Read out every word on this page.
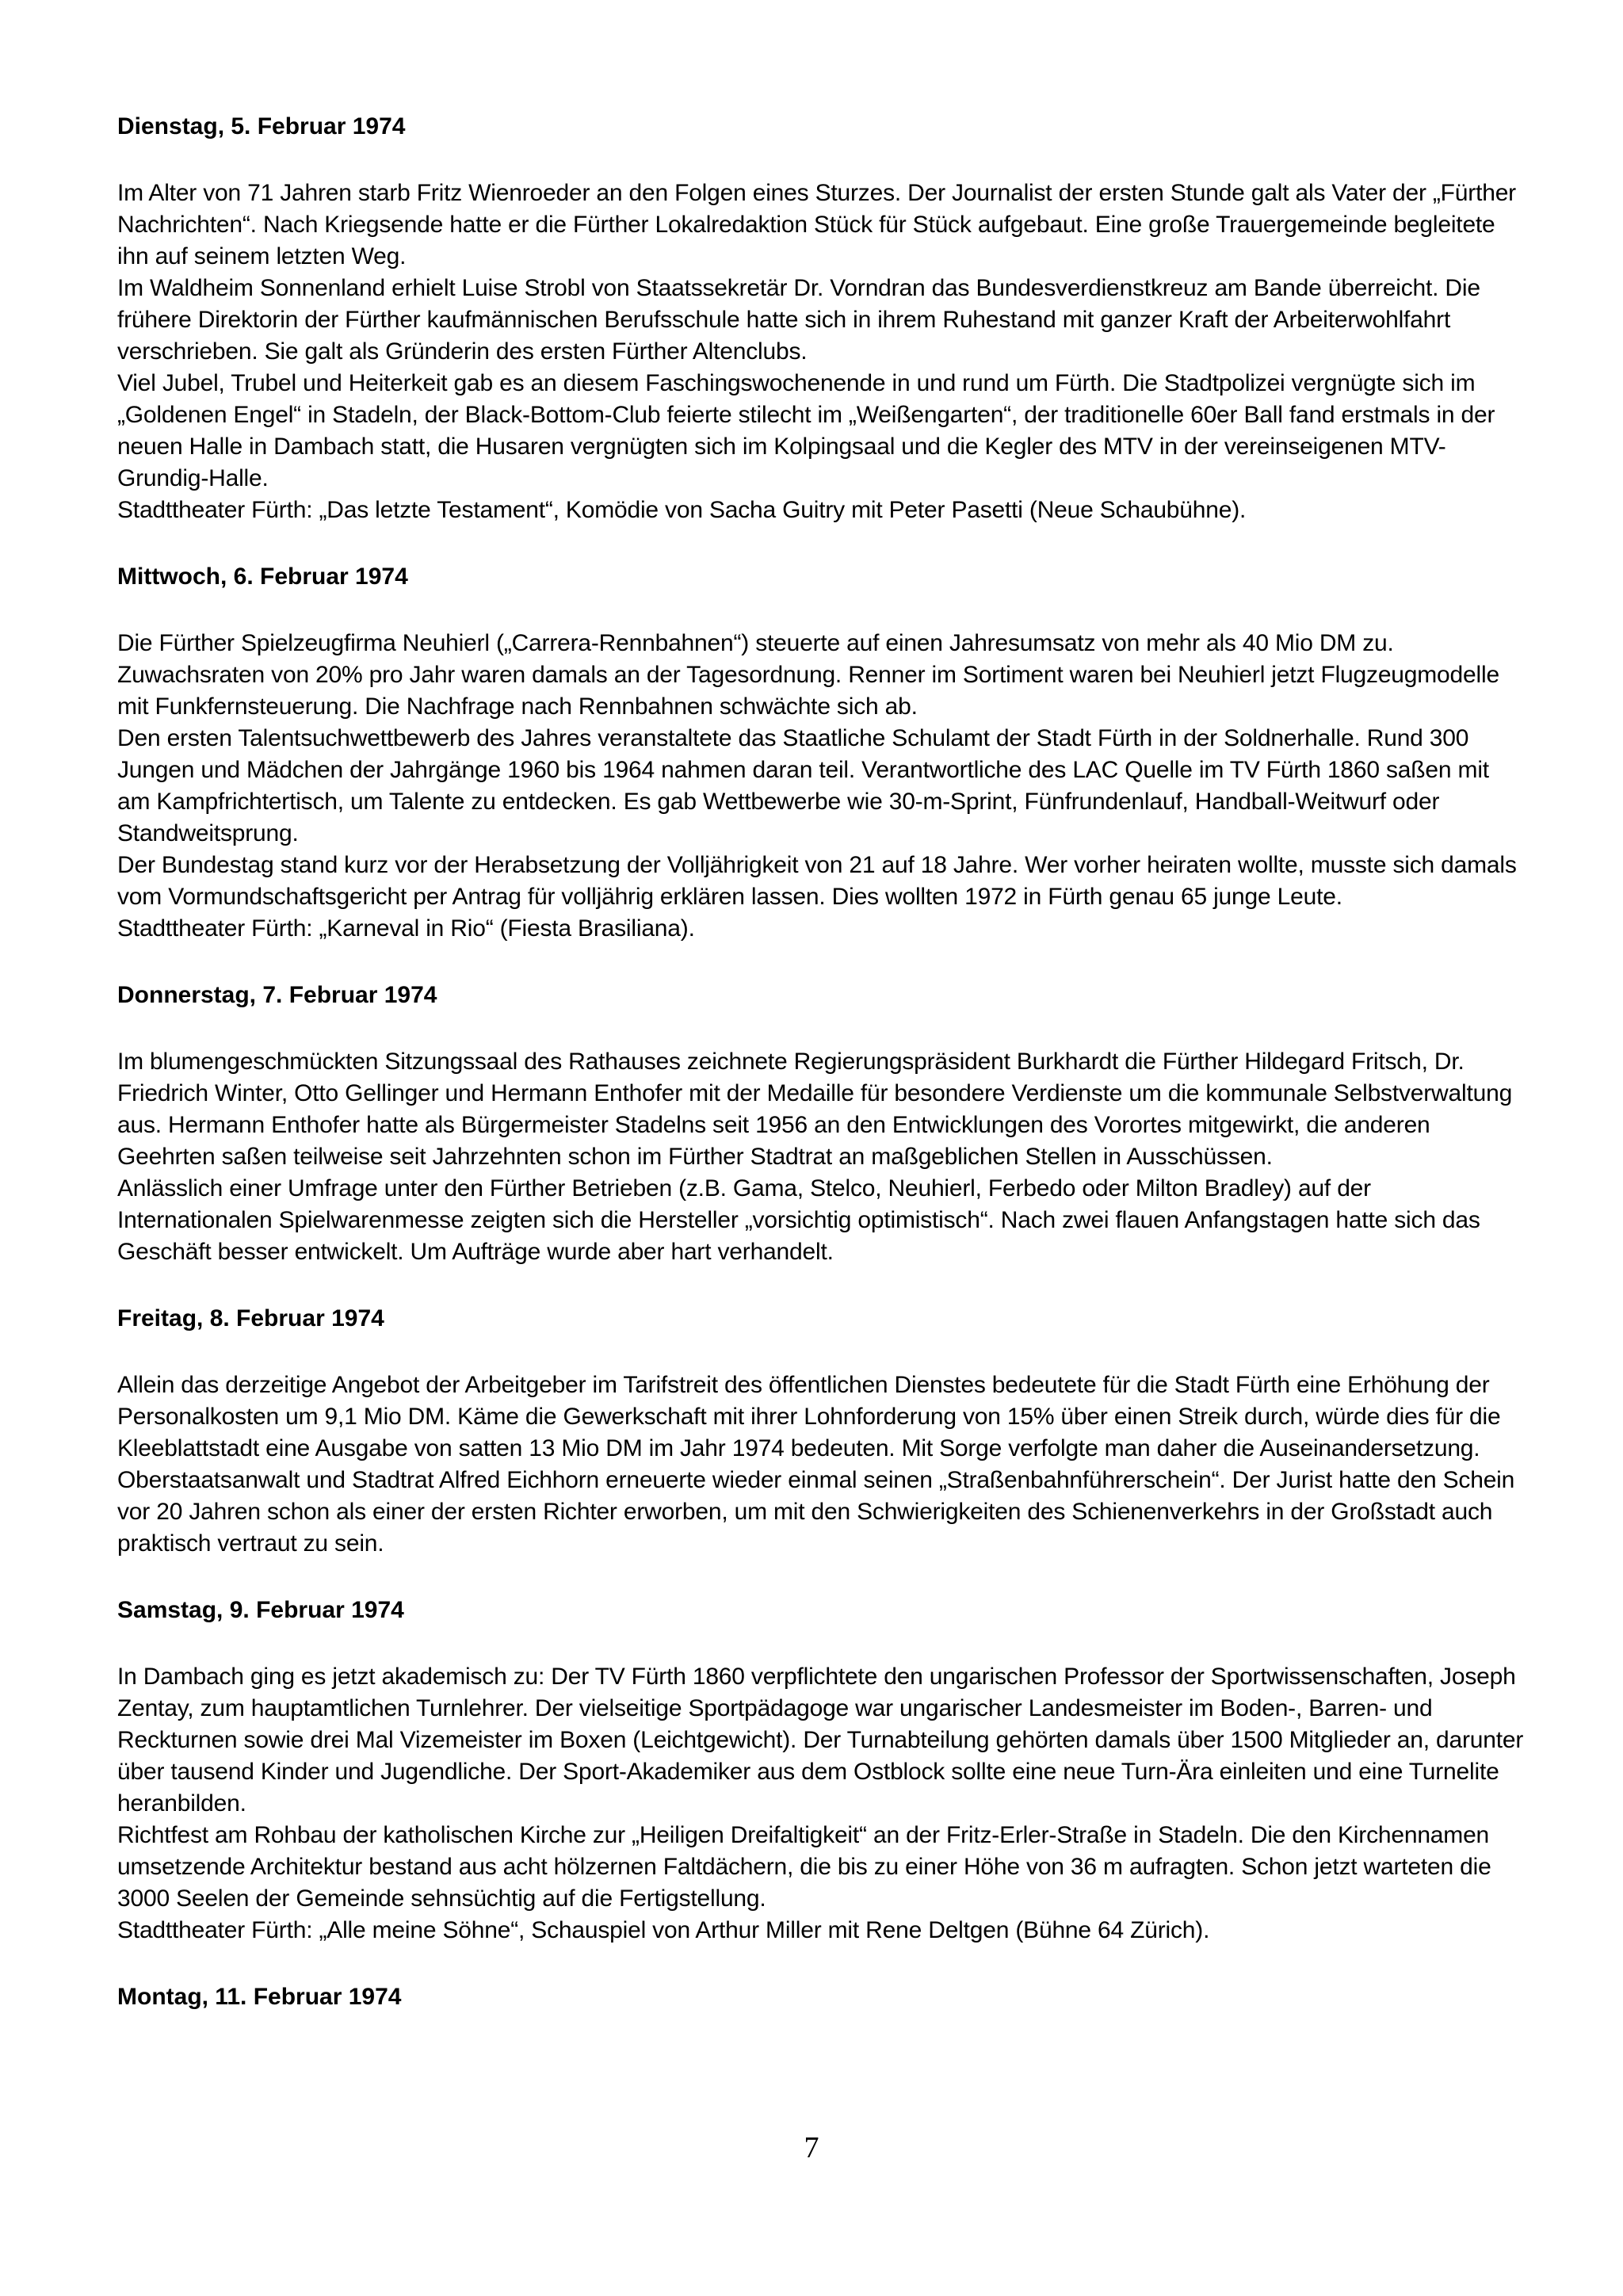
Dienstag, 5. Februar 1974

Im Alter von 71 Jahren starb Fritz Wienroeder an den Folgen eines Sturzes. Der Journalist der ersten Stunde galt als Vater der „Fürther Nachrichten“. Nach Kriegsende hatte er die Fürther Lokalredaktion Stück für Stück aufgebaut. Eine große Trauergemeinde begleitete ihn auf seinem letzten Weg.

Im Waldheim Sonnenland erhielt Luise Strobl von Staatssekretär Dr. Vorndran das Bundesverdienstkreuz am Bande überreicht. Die frühere Direktorin der Fürther kaufmännischen Berufsschule hatte sich in ihrem Ruhestand mit ganzer Kraft der Arbeiterwohlfahrt verschrieben. Sie galt als Gründerin des ersten Fürther Altenclubs.

Viel Jubel, Trubel und Heiterkeit gab es an diesem Faschingswochenende in und rund um Fürth. Die Stadtpolizei vergnügte sich im „Goldenen Engel“ in Stadeln, der Black-Bottom-Club feierte stilecht im „Weißengarten“, der traditionelle 60er Ball fand erstmals in der neuen Halle in Dambach statt, die Husaren vergnügten sich im Kolpingsaal und die Kegler des MTV in der vereinseigenen MTV-Grundig-Halle.

Stadttheater Fürth: „Das letzte Testament“, Komödie von Sacha Guitry mit Peter Pasetti (Neue Schaubühne).

Mittwoch, 6. Februar 1974

Die Fürther Spielzeugfirma Neuhierl („Carrera-Rennbahnen“) steuerte auf einen Jahresumsatz von mehr als 40 Mio DM zu. Zuwachsraten von 20% pro Jahr waren damals an der Tagesordnung. Renner im Sortiment waren bei Neuhierl jetzt Flugzeugmodelle mit Funkfernsteuerung. Die Nachfrage nach Rennbahnen schwächte sich ab.

Den ersten Talentsuchwettbewerb des Jahres veranstaltete das Staatliche Schulamt der Stadt Fürth in der Soldnerhalle. Rund 300 Jungen und Mädchen der Jahrgänge 1960 bis 1964 nahmen daran teil. Verantwortliche des LAC Quelle im TV Fürth 1860 saßen mit am Kampfrichtertisch, um Talente zu entdecken. Es gab Wettbewerbe wie 30-m-Sprint, Fünfrundenlauf, Handball-Weitwurf oder Standweitsprung.

Der Bundestag stand kurz vor der Herabsetzung der Volljährigkeit von 21 auf 18 Jahre. Wer vorher heiraten wollte, musste sich damals vom Vormundschaftsgericht per Antrag für volljährig erklären lassen. Dies wollten 1972 in Fürth genau 65 junge Leute.

Stadttheater Fürth: „Karneval in Rio“ (Fiesta Brasiliana).

Donnerstag, 7. Februar 1974

Im blumengeschmückten Sitzungssaal des Rathauses zeichnete Regierungspräsident Burkhardt die Fürther Hildegard Fritsch, Dr. Friedrich Winter, Otto Gellinger und Hermann Enthofer mit der Medaille für besondere Verdienste um die kommunale Selbstverwaltung aus. Hermann Enthofer hatte als Bürgermeister Stadelns seit 1956 an den Entwicklungen des Vorortes mitgewirkt, die anderen Geehrten saßen teilweise seit Jahrzehnten schon im Fürther Stadtrat an maßgeblichen Stellen in Ausschüssen.

Anlässlich einer Umfrage unter den Fürther Betrieben (z.B. Gama, Stelco, Neuhierl, Ferbedo oder Milton Bradley) auf der Internationalen Spielwarenmesse zeigten sich die Hersteller „vorsichtig optimistisch“. Nach zwei flauen Anfangstagen hatte sich das Geschäft besser entwickelt. Um Aufträge wurde aber hart verhandelt.

Freitag, 8. Februar 1974

Allein das derzeitige Angebot der Arbeitgeber im Tarifstreit des öffentlichen Dienstes bedeutete für die Stadt Fürth eine Erhöhung der Personalkosten um 9,1 Mio DM. Käme die Gewerkschaft mit ihrer Lohnforderung von 15% über einen Streik durch, würde dies für die Kleeblattstadt eine Ausgabe von satten 13 Mio DM im Jahr 1974 bedeuten. Mit Sorge verfolgte man daher die Auseinandersetzung.

Oberstaatsanwalt und Stadtrat Alfred Eichhorn erneuerte wieder einmal seinen „Straßenbahnführerschein“. Der Jurist hatte den Schein vor 20 Jahren schon als einer der ersten Richter erworben, um mit den Schwierigkeiten des Schienenverkehrs in der Großstadt auch praktisch vertraut zu sein.

Samstag, 9. Februar 1974

In Dambach ging es jetzt akademisch zu: Der TV Fürth 1860 verpflichtete den ungarischen Professor der Sportwissenschaften, Joseph Zentay, zum hauptamtlichen Turnlehrer. Der vielseitige Sportpädagoge war ungarischer Landesmeister im Boden-, Barren- und Reckturnen sowie drei Mal Vizemeister im Boxen (Leichtgewicht). Der Turnabteilung gehörten damals über 1500 Mitglieder an, darunter über tausend Kinder und Jugendliche. Der Sport-Akademiker aus dem Ostblock sollte eine neue Turn-Ära einleiten und eine Turnelite heranbilden.

Richtfest am Rohbau der katholischen Kirche zur „Heiligen Dreifaltigkeit“ an der Fritz-Erler-Straße in Stadeln. Die den Kirchennamen umsetzende Architektur bestand aus acht hölzernen Faltdächern, die bis zu einer Höhe von 36 m aufragten. Schon jetzt warteten die 3000 Seelen der Gemeinde sehnsüchtig auf die Fertigstellung.

Stadttheater Fürth: „Alle meine Söhne“, Schauspiel von Arthur Miller mit Rene Deltgen (Bühne 64 Zürich).

Montag, 11. Februar 1974
7
